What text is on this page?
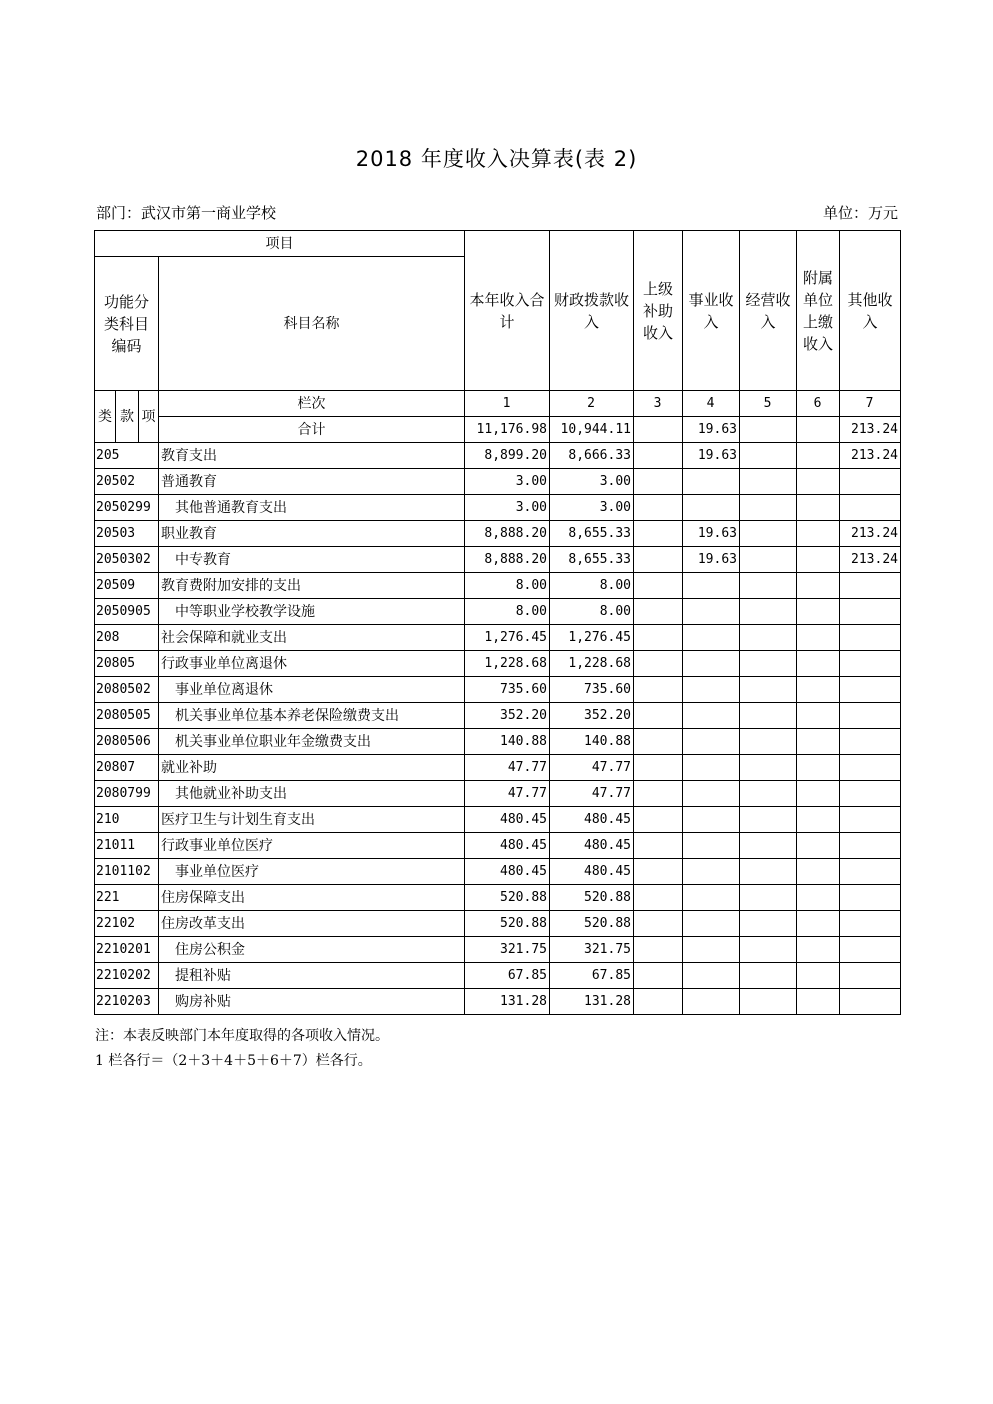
2018 年度收入决算表(表 2)
部门：武汉市第一商业学校	单位：万元
项目				本年收入合计	财政拨款收入	上级补助收入	事业收入	经营收入	附属单位上缴收入	其他收入
功能分类科目编码			科目名称							
类	款	项	栏次	1	2	3	4	5	6	7
			合计	11,176.98	10,944.11		19.63			213.24
205			教育支出	8,899.20	8,666.33		19.63			213.24
20502			普通教育	3.00	3.00					
2050299			其他普通教育支出	3.00	3.00					
20503			职业教育	8,888.20	8,655.33		19.63			213.24
2050302			中专教育	8,888.20	8,655.33		19.63			213.24
20509			教育费附加安排的支出	8.00	8.00					
2050905			中等职业学校教学设施	8.00	8.00					
208			社会保障和就业支出	1,276.45	1,276.45					
20805			行政事业单位离退休	1,228.68	1,228.68					
2080502			事业单位离退休	735.60	735.60					
2080505			机关事业单位基本养老保险缴费支出	352.20	352.20					
2080506			机关事业单位职业年金缴费支出	140.88	140.88					
20807			就业补助	47.77	47.77					
2080799			其他就业补助支出	47.77	47.77					
210			医疗卫生与计划生育支出	480.45	480.45					
21011			行政事业单位医疗	480.45	480.45					
2101102			事业单位医疗	480.45	480.45					
221			住房保障支出	520.88	520.88					
22102			住房改革支出	520.88	520.88					
2210201			住房公积金	321.75	321.75					
2210202			提租补贴	67.85	67.85					
2210203			购房补贴	131.28	131.28					
注：本表反映部门本年度取得的各项收入情况。
1 栏各行＝（2＋3＋4＋5＋6＋7）栏各行。
